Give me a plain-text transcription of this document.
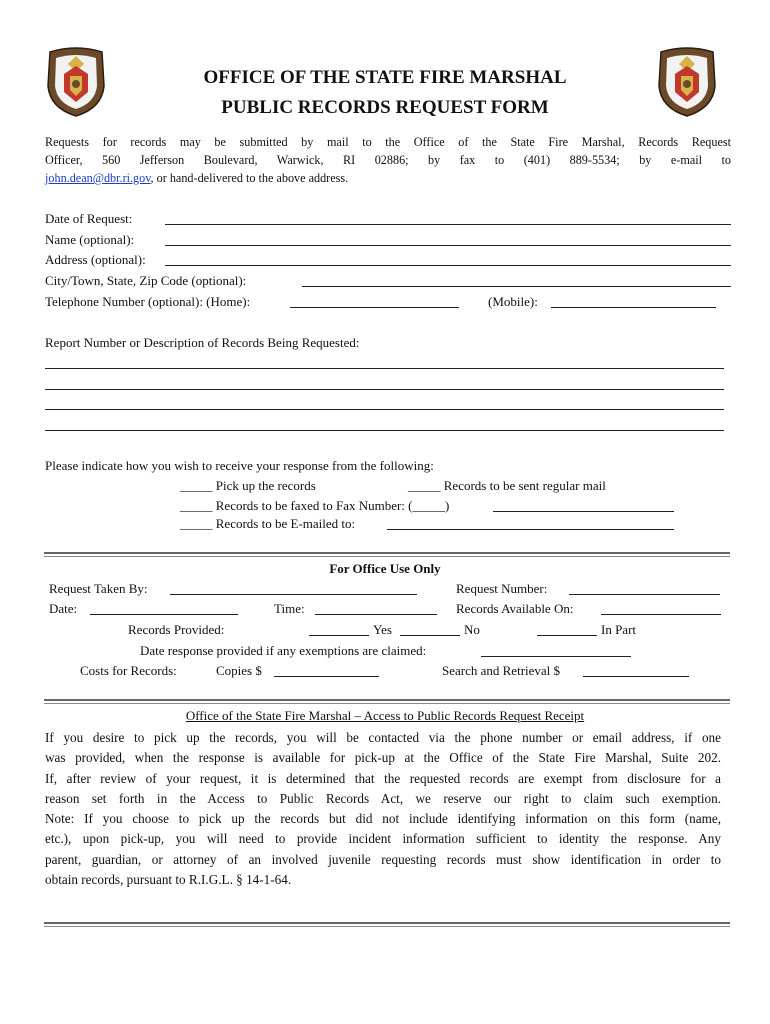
OFFICE OF THE STATE FIRE MARSHAL
PUBLIC RECORDS REQUEST FORM
Requests for records may be submitted by mail to the Office of the State Fire Marshal, Records Request
Officer, 560 Jefferson Boulevard, Warwick, RI 02886; by fax to (401) 889-5534; by e-mail to
john.dean@dbr.ri.gov, or hand-delivered to the above address.
Date of Request:
Name (optional):
Address (optional):
City/Town, State, Zip Code (optional):
Telephone Number (optional): (Home):	(Mobile):
Report Number or Description of Records Being Requested:
Please indicate how you wish to receive your response from the following:
_____ Pick up the records	_____ Records to be sent regular mail
_____ Records to be faxed to Fax Number: (_____)
_____ Records to be E-mailed to:
For Office Use Only
Request Taken By:	Request Number:
Date:	Time:	Records Available On:
Records Provided:	Yes	No	In Part
Date response provided if any exemptions are claimed:
Costs for Records:	Copies $	Search and Retrieval $
Office of the State Fire Marshal – Access to Public Records Request Receipt
If you desire to pick up the records, you will be contacted via the phone number or email address, if one
was provided, when the response is available for pick-up at the Office of the State Fire Marshal, Suite 202.
If, after review of your request, it is determined that the requested records are exempt from disclosure for a
reason set forth in the Access to Public Records Act, we reserve our right to claim such exemption.
Note: If you choose to pick up the records but did not include identifying information on this form (name,
etc.), upon pick-up, you will need to provide incident information sufficient to identity the response. Any
parent, guardian, or attorney of an involved juvenile requesting records must show identification in order to
obtain records, pursuant to R.I.G.L. § 14-1-64.
